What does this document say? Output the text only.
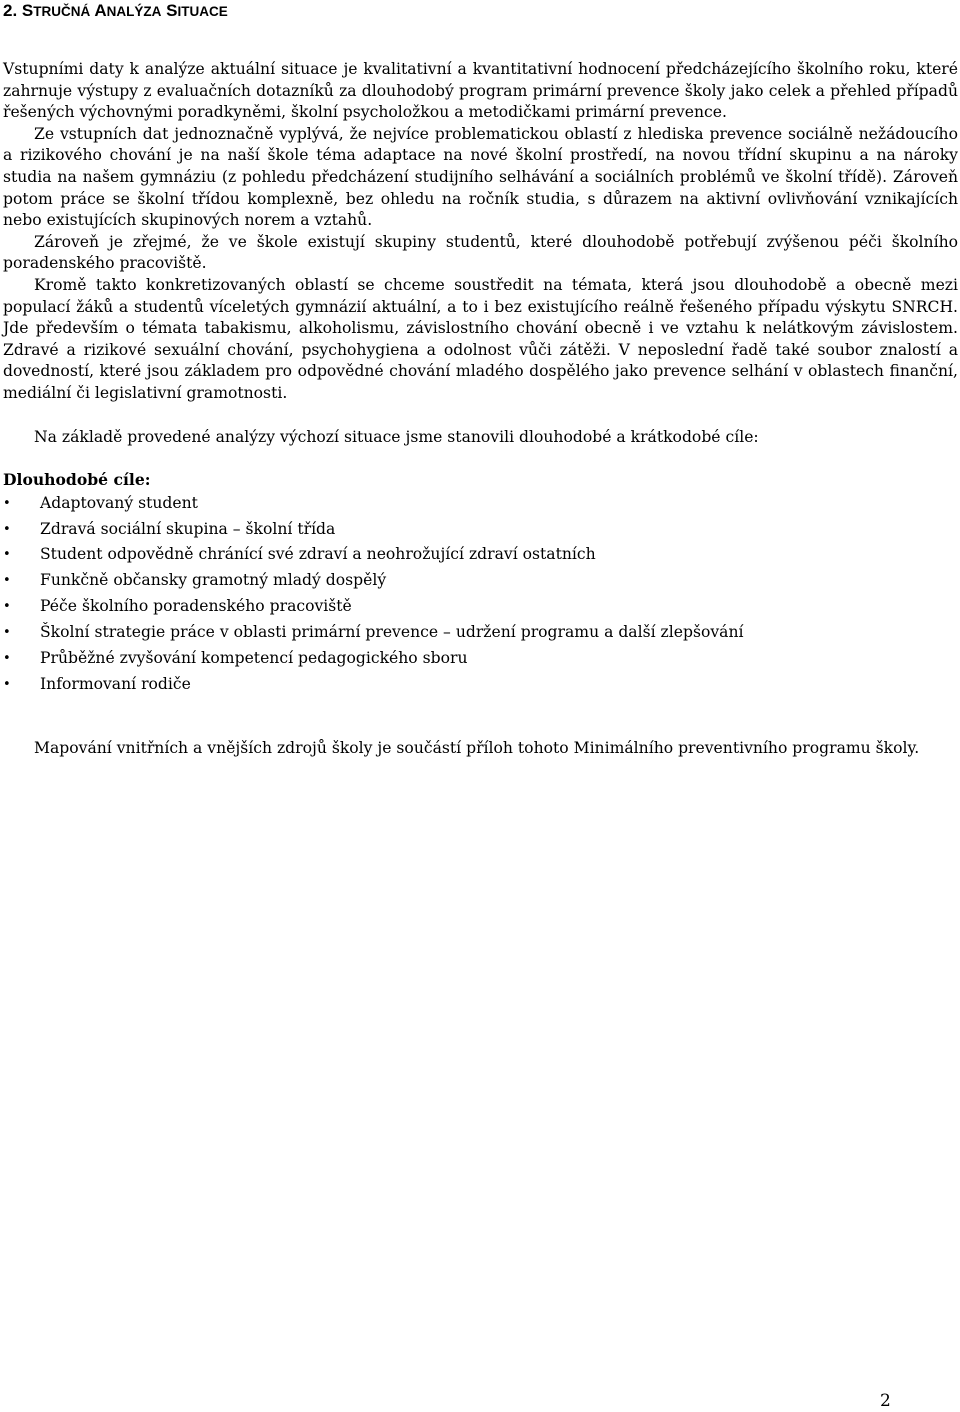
2. STRUČNÁ ANALÝZA SITUACE

Vstupními daty k analýze aktuální situace je kvalitativní a kvantitativní hodnocení předcházejícího školního roku, které zahrnuje výstupy z evaluačních dotazníků za dlouhodobý program primární prevence školy jako celek a přehled případů řešených výchovnými poradkyněmi, školní psycholožkou a metodičkami primární prevence.

Ze vstupních dat jednoznačně vyplývá, že nejvíce problematickou oblastí z hlediska prevence sociálně nežádoucího a rizikového chování je na naší škole téma adaptace na nové školní prostředí, na novou třídní skupinu a na nároky studia na našem gymnáziu (z pohledu předcházení studijního selhávání a sociálních problémů ve školní třídě). Zároveň potom práce se školní třídou komplexně, bez ohledu na ročník studia, s důrazem na aktivní ovlivňování vznikajících nebo existujících skupinových norem a vztahů.

Zároveň je zřejmé, že ve škole existují skupiny studentů, které dlouhodobě potřebují zvýšenou péči školního poradenského pracoviště.

Kromě takto konkretizovaných oblastí se chceme soustředit na témata, která jsou dlouhodobě a obecně mezi populací žáků a studentů víceletých gymnázií aktuální, a to i bez existujícího reálně řešeného případu výskytu SNRCH. Jde především o témata tabakismu, alkoholismu, závislostního chování obecně i ve vztahu k nelátkovým závislostem. Zdravé a rizikové sexuální chování, psychohygiena a odolnost vůči zátěži. V neposlední řadě také soubor znalostí a dovedností, které jsou základem pro odpovědné chování mladého dospělého jako prevence selhání v oblastech finanční, mediální či legislativní gramotnosti.

Na základě provedené analýzy výchozí situace jsme stanovili dlouhodobé a krátkodobé cíle:

Dlouhodobé cíle:
•	Adaptovaný student
•	Zdravá sociální skupina – školní třída
•	Student odpovědně chránící své zdraví a neohrožující zdraví ostatních
•	Funkčně občansky gramotný mladý dospělý
•	Péče školního poradenského pracoviště
•	Školní strategie práce v oblasti primární prevence – udržení programu a další zlepšování
•	Průběžné zvyšování kompetencí pedagogického sboru
•	Informovaní rodiče

Mapování vnitřních a vnějších zdrojů školy je součástí příloh tohoto Minimálního preventivního programu školy.

2
